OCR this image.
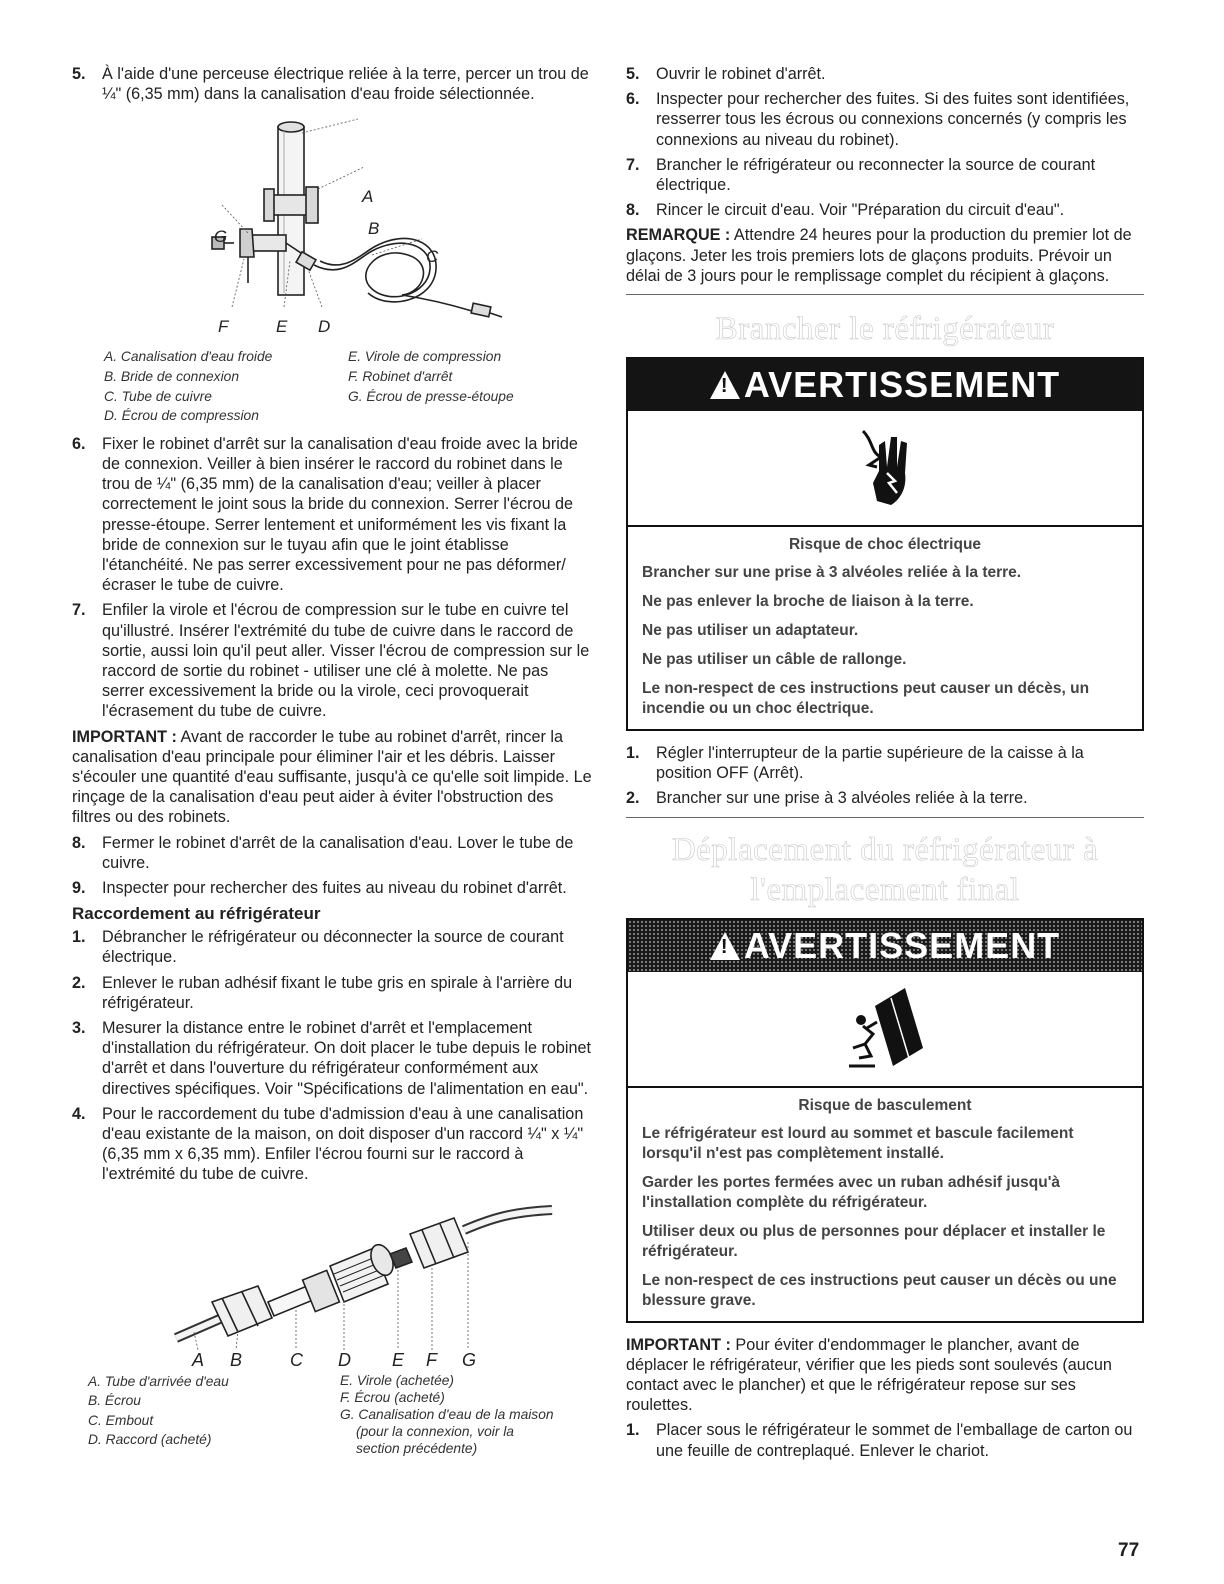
5.	À l'aide d'une perceuse électrique reliée à la terre, percer un trou de ¼" (6,35 mm) dans la canalisation d'eau froide sélectionnée.
A
B
C
G
F	E D
A. Canalisation d'eau froide
B. Bride de connexion
C. Tube de cuivre
D. Écrou de compression
E. Virole de compression
F. Robinet d'arrêt
G. Écrou de presse-étoupe
6.	Fixer le robinet d'arrêt sur la canalisation d'eau froide avec la bride de connexion. Veiller à bien insérer le raccord du robinet dans le trou de ¼" (6,35 mm) de la canalisation d'eau; veiller à placer correctement le joint sous la bride du connexion. Serrer l'écrou de presse-étoupe. Serrer lentement et uniformément les vis fixant la bride de connexion sur le tuyau afin que le joint établisse l'étanchéité. Ne pas serrer excessivement pour ne pas déformer/écraser le tube de cuivre.
7.	Enfiler la virole et l'écrou de compression sur le tube en cuivre tel qu'illustré. Insérer l'extrémité du tube de cuivre dans le raccord de sortie, aussi loin qu'il peut aller. Visser l'écrou de compression sur le raccord de sortie du robinet - utiliser une clé à molette. Ne pas serrer excessivement la bride ou la virole, ceci provoquerait l'écrasement du tube de cuivre.

IMPORTANT : Avant de raccorder le tube au robinet d'arrêt, rincer la canalisation d'eau principale pour éliminer l'air et les débris. Laisser s'écouler une quantité d'eau suffisante, jusqu'à ce qu'elle soit limpide. Le rinçage de la canalisation d'eau peut aider à éviter l'obstruction des filtres ou des robinets.

8.	Fermer le robinet d'arrêt de la canalisation d'eau. Lover le tube de cuivre.
9.	Inspecter pour rechercher des fuites au niveau du robinet d'arrêt.

Raccordement au réfrigérateur

1.	Débrancher le réfrigérateur ou déconnecter la source de courant électrique.
2.	Enlever le ruban adhésif fixant le tube gris en spirale à l'arrière du réfrigérateur.
3.	Mesurer la distance entre le robinet d'arrêt et l'emplacement d'installation du réfrigérateur. On doit placer le tube depuis le robinet d'arrêt et dans l'ouverture du réfrigérateur conformément aux directives spécifiques. Voir "Spécifications de l'alimentation en eau".
4.	Pour le raccordement du tube d'admission d'eau à une canalisation d'eau existante de la maison, on doit disposer d'un raccord ¼" x ¼" (6,35 mm x 6,35 mm). Enfiler l'écrou fourni sur le raccord à l'extrémité du tube de cuivre.
A B	C D E F G
A. Tube d'arrivée d'eau
B. Écrou
C. Embout
D. Raccord (acheté)
E. Virole (achetée)
F. Écrou (acheté)
G. Canalisation d'eau de la maison
(pour la connexion, voir la
section précédente)
5.	Ouvrir le robinet d'arrêt.
6.	Inspecter pour rechercher des fuites. Si des fuites sont identifiées, resserrer tous les écrous ou connexions concernés (y compris les connexions au niveau du robinet).
7.	Brancher le réfrigérateur ou reconnecter la source de courant électrique.
8.	Rincer le circuit d'eau. Voir "Préparation du circuit d'eau".

REMARQUE : Attendre 24 heures pour la production du premier lot de glaçons. Jeter les trois premiers lots de glaçons produits. Prévoir un délai de 3 jours pour le remplissage complet du récipient à glaçons.

Brancher le réfrigérateur

!
AVERTISSEMENT

Risque de choc électrique

Brancher sur une prise à 3 alvéoles reliée à la terre.

Ne pas enlever la broche de liaison à la terre.

Ne pas utiliser un adaptateur.

Ne pas utiliser un câble de rallonge.

Le non-respect de ces instructions peut causer un décès, un incendie ou un choc électrique.

1.	Régler l'interrupteur de la partie supérieure de la caisse à la position OFF (Arrêt).
2.	Brancher sur une prise à 3 alvéoles reliée à la terre.

Déplacement du réfrigérateur à

l'emplacement final

!
AVERTISSEMENT

Risque de basculement

Le réfrigérateur est lourd au sommet et bascule facilement lorsqu'il n'est pas complètement installé.

Garder les portes fermées avec un ruban adhésif jusqu'à l'installation complète du réfrigérateur.

Utiliser deux ou plus de personnes pour déplacer et installer le réfrigérateur.

Le non-respect de ces instructions peut causer un décès ou une blessure grave.

IMPORTANT : Pour éviter d'endommager le plancher, avant de déplacer le réfrigérateur, vérifier que les pieds sont soulevés (aucun contact avec le plancher) et que le réfrigérateur repose sur ses roulettes.

1.	Placer sous le réfrigérateur le sommet de l'emballage de carton ou une feuille de contreplaqué. Enlever le chariot.
77
